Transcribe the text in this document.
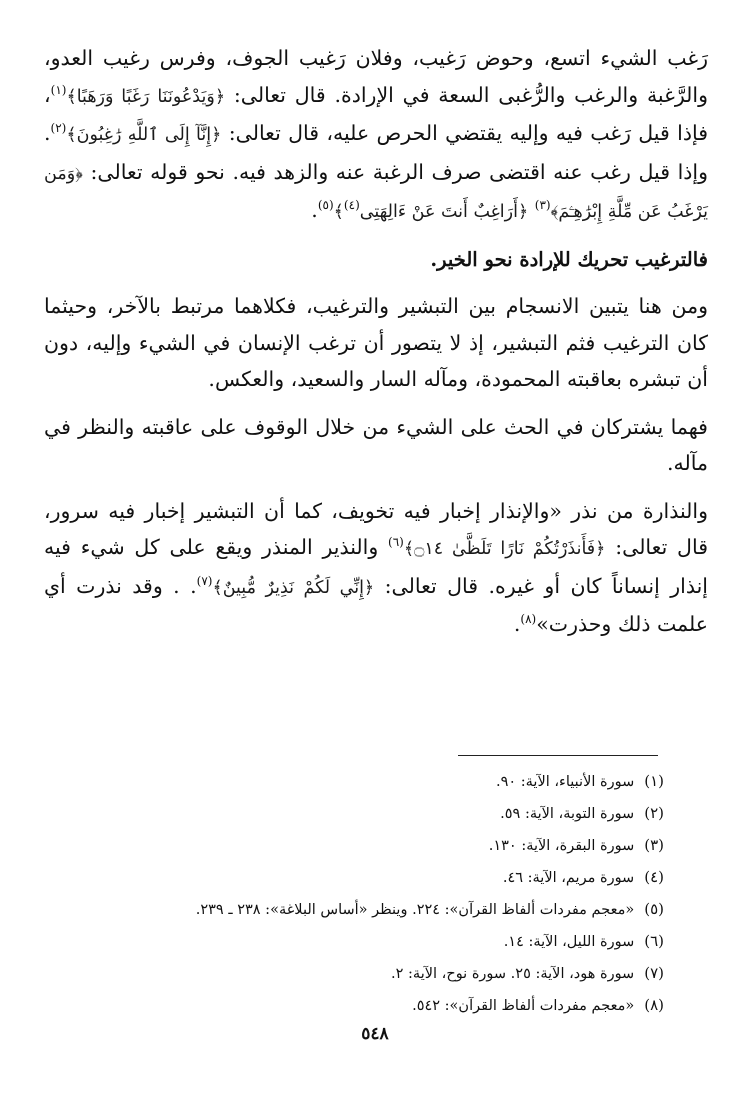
رَغب الشيء اتسع، وحوض رَغيب، وفلان رَغيب الجوف، وفرس رغيب العدو، والرَّغبة والرغب والرُّغبى السعة في الإرادة. قال تعالى: ﴿وَيَدْعُونَنَا رَغَبًا وَرَهَبًا﴾$^{(١)}$، فإذا قيل رَغب فيه وإليه يقتضي الحرص عليه، قال تعالى: ﴿إِنَّآ إِلَى ٱللَّهِ رَٰغِبُونَ﴾$^{(٢)}$. وإذا قيل رغب عنه اقتضى صرف الرغبة عنه والزهد فيه. نحو قوله تعالى: ﴿وَمَن يَرْغَبُ عَن مِّلَّةِ إِبْرَٰهِـۧمَ﴾$^{(٣)}$ ﴿أَرَاغِبٌ أَنتَ عَنْ ءَالِهَتِى$^{(٤)}$﴾$^{(٥)}$.

فالترغيب تحريك للإرادة نحو الخير.

ومن هنا يتبين الانسجام بين التبشير والترغيب، فكلاهما مرتبط بالآخر، وحيثما كان الترغيب فثم التبشير، إذ لا يتصور أن ترغب الإنسان في الشيء وإليه، دون أن تبشره بعاقبته المحمودة، ومآله السار والسعيد، والعكس.

فهما يشتركان في الحث على الشيء من خلال الوقوف على عاقبته والنظر في مآله.

والنذارة من نذر «والإنذار إخبار فيه تخويف، كما أن التبشير إخبار فيه سرور، قال تعالى: ﴿فَأَنذَرْتُكُمْ نَارًا تَلَظَّىٰ ۝١٤﴾$^{(٦)}$ والنذير المنذر ويقع على كل شيء فيه إنذار إنساناً كان أو غيره. قال تعالى: ﴿إِنِّي لَكُمْ نَذِيرٌ مُّبِينٌ﴾$^{(٧)}$. . وقد نذرت أي علمت ذلك وحذرت»$^{(٨)}$.

(١)سورة الأنبياء، الآية: ٩٠.
(٢)سورة التوبة، الآية: ٥٩.
(٣)سورة البقرة، الآية: ١٣٠.
(٤)سورة مريم، الآية: ٤٦.
(٥)«معجم مفردات ألفاظ القرآن»: ٢٢٤. وينظر «أساس البلاغة»: ٢٣٨ ـ ٢٣٩.
(٦)سورة الليل، الآية: ١٤.
(٧)سورة هود، الآية: ٢٥. سورة نوح، الآية: ٢.
(٨)«معجم مفردات ألفاظ القرآن»: ٥٤٢.
٥٤٨
